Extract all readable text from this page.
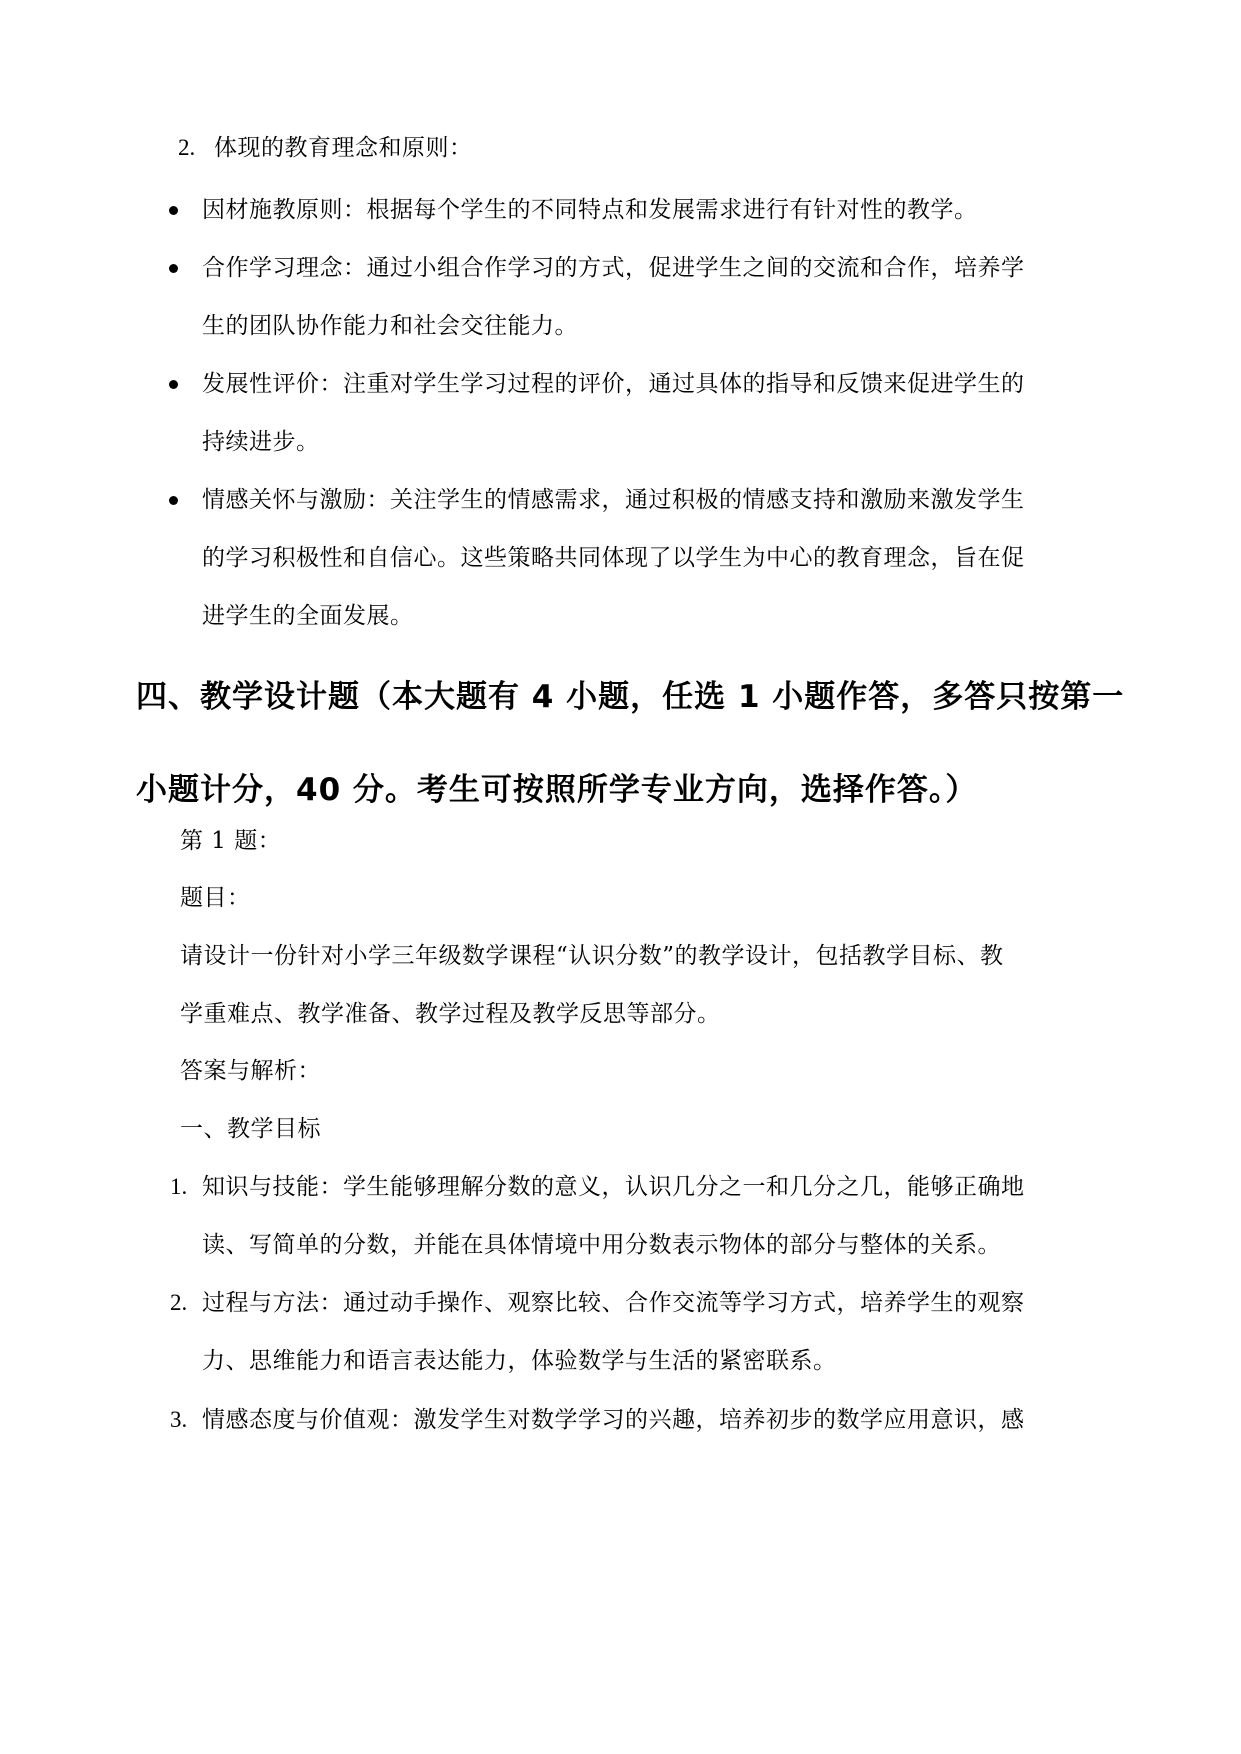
2. 体现的教育理念和原则：
因材施教原则：根据每个学生的不同特点和发展需求进行有针对性的教学。
合作学习理念：通过小组合作学习的方式，促进学生之间的交流和合作，培养学
生的团队协作能力和社会交往能力。
发展性评价：注重对学生学习过程的评价，通过具体的指导和反馈来促进学生的
持续进步。
情感关怀与激励：关注学生的情感需求，通过积极的情感支持和激励来激发学生
的学习积极性和自信心。这些策略共同体现了以学生为中心的教育理念，旨在促
进学生的全面发展。
四、教学设计题（本大题有 4 小题，任选 1 小题作答，多答只按第一
小题计分，40 分。考生可按照所学专业方向，选择作答。）
第 1 题：
题目：
请设计一份针对小学三年级数学课程“认识分数”的教学设计，包括教学目标、教
学重难点、教学准备、教学过程及教学反思等部分。
答案与解析：
一、教学目标
1. 知识与技能：学生能够理解分数的意义，认识几分之一和几分之几，能够正确地
读、写简单的分数，并能在具体情境中用分数表示物体的部分与整体的关系。
2. 过程与方法：通过动手操作、观察比较、合作交流等学习方式，培养学生的观察
力、思维能力和语言表达能力，体验数学与生活的紧密联系。
3. 情感态度与价值观：激发学生对数学学习的兴趣，培养初步的数学应用意识，感
